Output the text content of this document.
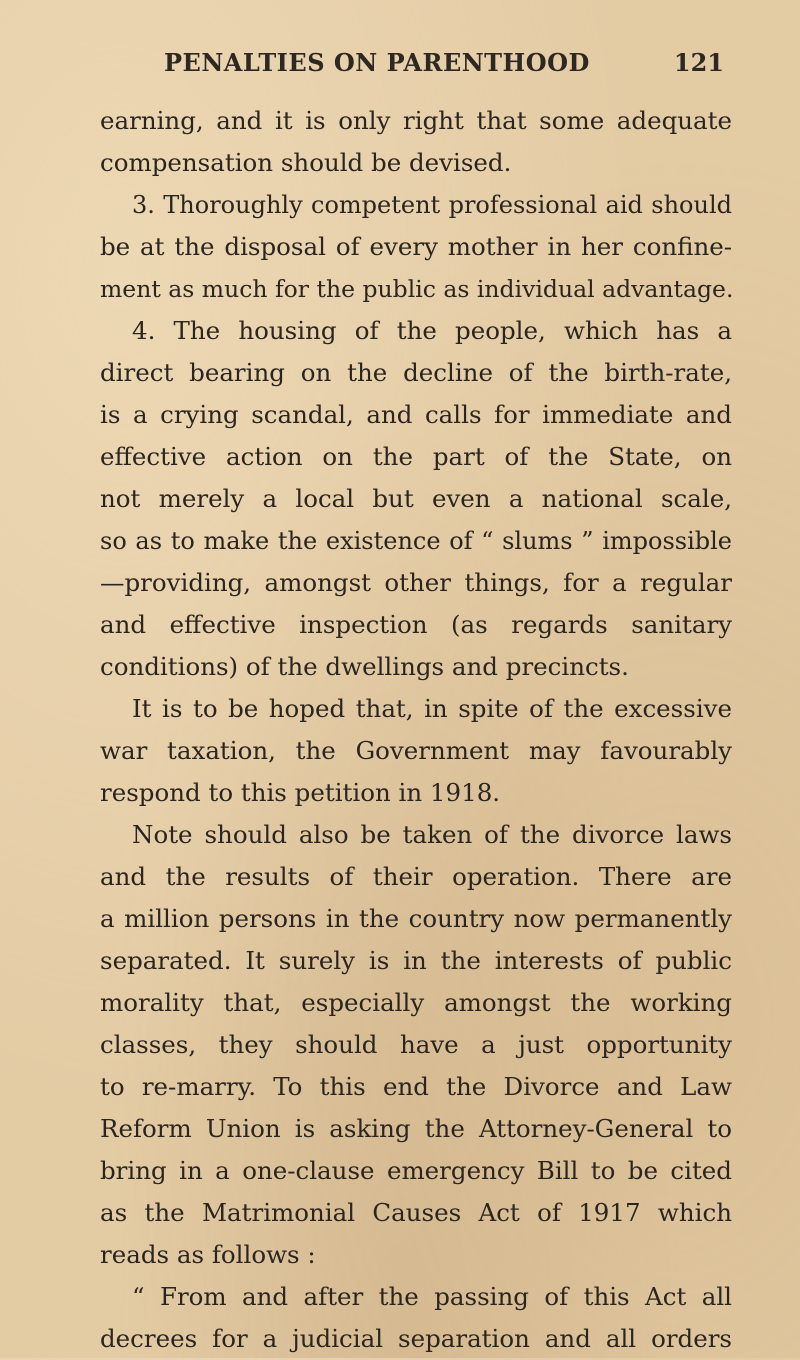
PENALTIES ON PARENTHOOD	121
earning, and it is only right that some adequate
compensation should be devised.
3. Thoroughly competent professional aid should
be at the disposal of every mother in her confine-
ment as much for the public as individual advantage.
4. The housing of the people, which has a
direct bearing on the decline of the birth-rate,
is a crying scandal, and calls for immediate and
effective action on the part of the State, on
not merely a local but even a national scale,
so as to make the existence of “ slums ” impossible
—providing, amongst other things, for a regular
and effective inspection (as regards sanitary
conditions) of the dwellings and precincts.
It is to be hoped that, in spite of the excessive
war taxation, the Government may favourably
respond to this petition in 1918.
Note should also be taken of the divorce laws
and the results of their operation. There are
a million persons in the country now permanently
separated. It surely is in the interests of public
morality that, especially amongst the working
classes, they should have a just opportunity
to re-marry. To this end the Divorce and Law
Reform Union is asking the Attorney-General to
bring in a one-clause emergency Bill to be cited
as the Matrimonial Causes Act of 1917 which
reads as follows :
“ From and after the passing of this Act all
decrees for a judicial separation and all orders
